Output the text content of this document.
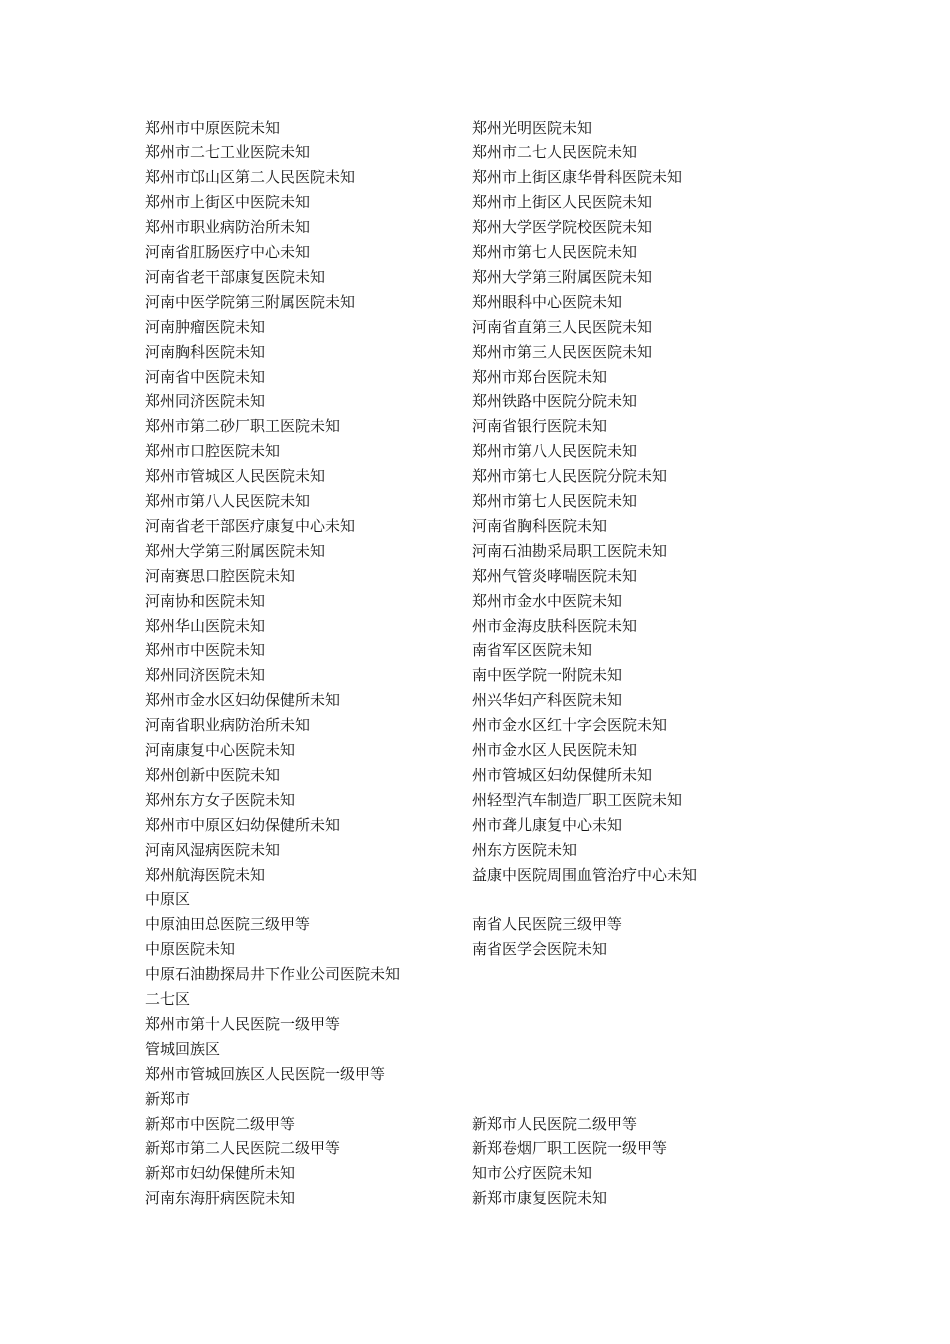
郑州市中原医院未知	郑州光明医院未知
郑州市二七工业医院未知	郑州市二七人民医院未知
郑州市邙山区第二人民医院未知	郑州市上街区康华骨科医院未知
郑州市上街区中医院未知	郑州市上街区人民医院未知
郑州市职业病防治所未知	郑州大学医学院校医院未知
河南省肛肠医疗中心未知	郑州市第七人民医院未知
河南省老干部康复医院未知	郑州大学第三附属医院未知
河南中医学院第三附属医院未知	郑州眼科中心医院未知
河南肿瘤医院未知	河南省直第三人民医院未知
河南胸科医院未知	郑州市第三人民医医院未知
河南省中医院未知	郑州市郑台医院未知
郑州同济医院未知	郑州铁路中医院分院未知
郑州市第二砂厂职工医院未知	河南省银行医院未知
郑州市口腔医院未知	郑州市第八人民医院未知
郑州市管城区人民医院未知	郑州市第七人民医院分院未知
郑州市第八人民医院未知	郑州市第七人民医院未知
河南省老干部医疗康复中心未知	河南省胸科医院未知
郑州大学第三附属医院未知	河南石油勘采局职工医院未知
河南赛思口腔医院未知	郑州气管炎哮喘医院未知
河南协和医院未知	郑州市金水中医院未知
郑州华山医院未知	州市金海皮肤科医院未知
郑州市中医院未知	南省军区医院未知
郑州同济医院未知	南中医学院一附院未知
郑州市金水区妇幼保健所未知	州兴华妇产科医院未知
河南省职业病防治所未知	州市金水区红十字会医院未知
河南康复中心医院未知	州市金水区人民医院未知
郑州创新中医院未知	州市管城区妇幼保健所未知
郑州东方女子医院未知	州轻型汽车制造厂职工医院未知
郑州市中原区妇幼保健所未知	州市聋儿康复中心未知
河南风湿病医院未知	州东方医院未知
郑州航海医院未知	益康中医院周围血管治疗中心未知
中原区
中原油田总医院三级甲等	南省人民医院三级甲等
中原医院未知	南省医学会医院未知
中原石油勘探局井下作业公司医院未知
二七区
郑州市第十人民医院一级甲等
管城回族区
郑州市管城回族区人民医院一级甲等
新郑市
新郑市中医院二级甲等	新郑市人民医院二级甲等
新郑市第二人民医院二级甲等	新郑卷烟厂职工医院一级甲等
新郑市妇幼保健所未知	知市公疗医院未知
河南东海肝病医院未知	新郑市康复医院未知
